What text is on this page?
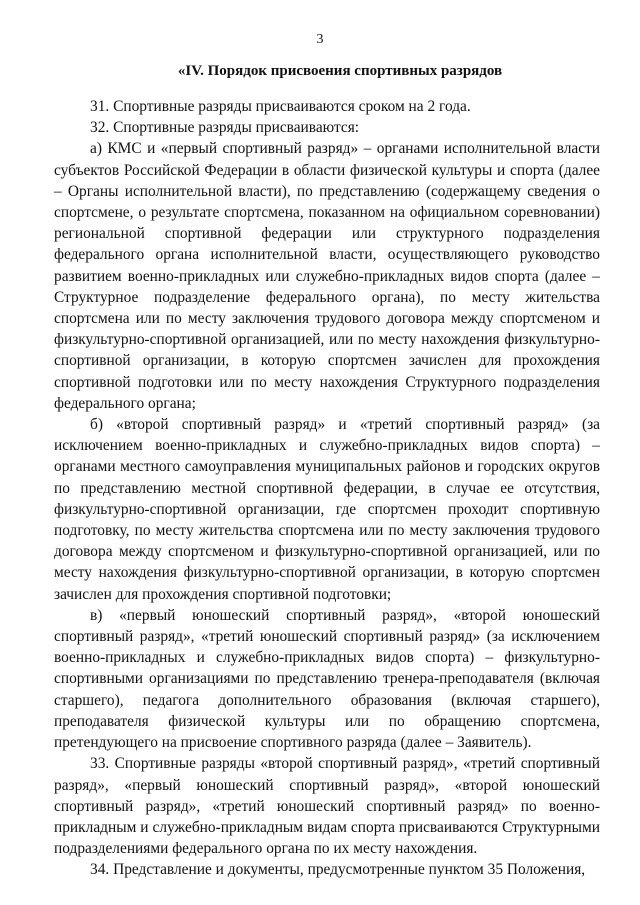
3
«IV. Порядок присвоения спортивных разрядов

31. Спортивные разряды присваиваются сроком на 2 года.

32. Спортивные разряды присваиваются:

а) КМС и «первый спортивный разряд» – органами исполнительной власти субъектов Российской Федерации в области физической культуры и спорта (далее – Органы исполнительной власти), по представлению (содержащему сведения о спортсмене, о результате спортсмена, показанном на официальном соревновании) региональной спортивной федерации или структурного подразделения федерального органа исполнительной власти, осуществляющего руководство развитием военно-прикладных или служебно-прикладных видов спорта (далее – Структурное подразделение федерального органа), по месту жительства спортсмена или по месту заключения трудового договора между спортсменом и физкультурно-спортивной организацией, или по месту нахождения физкультурно-спортивной организации, в которую спортсмен зачислен для прохождения спортивной подготовки или по месту нахождения Структурного подразделения федерального органа;

б) «второй спортивный разряд» и «третий спортивный разряд» (за исключением военно-прикладных и служебно-прикладных видов спорта) – органами местного самоуправления муниципальных районов и городских округов по представлению местной спортивной федерации, в случае ее отсутствия, физкультурно-спортивной организации, где спортсмен проходит спортивную подготовку, по месту жительства спортсмена или по месту заключения трудового договора между спортсменом и физкультурно-спортивной организацией, или по месту нахождения физкультурно-спортивной организации, в которую спортсмен зачислен для прохождения спортивной подготовки;

в) «первый юношеский спортивный разряд», «второй юношеский спортивный разряд», «третий юношеский спортивный разряд» (за исключением военно-прикладных и служебно-прикладных видов спорта) – физкультурно-спортивными организациями по представлению тренера-преподавателя (включая старшего), педагога дополнительного образования (включая старшего), преподавателя физической культуры или по обращению спортсмена, претендующего на присвоение спортивного разряда (далее – Заявитель).

33. Спортивные разряды «второй спортивный разряд», «третий спортивный разряд», «первый юношеский спортивный разряд», «второй юношеский спортивный разряд», «третий юношеский спортивный разряд» по военно-прикладным и служебно-прикладным видам спорта присваиваются Структурными подразделениями федерального органа по их месту нахождения.

34. Представление и документы, предусмотренные пунктом 35 Положения,
